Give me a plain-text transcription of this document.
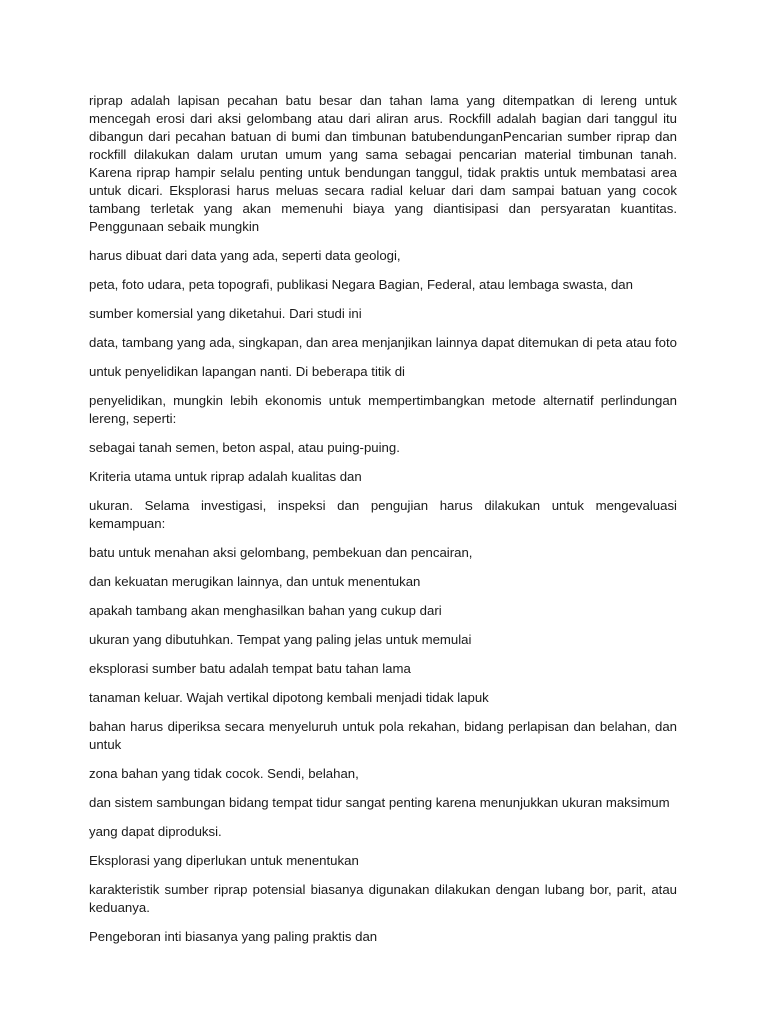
riprap adalah lapisan pecahan batu besar dan tahan lama yang ditempatkan di lereng untuk mencegah erosi dari aksi gelombang atau dari aliran arus. Rockfill adalah bagian dari tanggul itu dibangun dari pecahan batuan di bumi dan timbunan batubendunganPencarian sumber riprap dan rockfill dilakukan dalam urutan umum yang sama sebagai pencarian material timbunan tanah. Karena riprap hampir selalu penting untuk bendungan tanggul, tidak praktis untuk membatasi area untuk dicari. Eksplorasi harus meluas secara radial keluar dari dam sampai batuan yang cocok tambang terletak yang akan memenuhi biaya yang diantisipasi dan persyaratan kuantitas. Penggunaan sebaik mungkin

harus dibuat dari data yang ada, seperti data geologi,

peta, foto udara, peta topografi, publikasi Negara Bagian, Federal, atau lembaga swasta, dan

sumber komersial yang diketahui. Dari studi ini

data, tambang yang ada, singkapan, dan area menjanjikan lainnya dapat ditemukan di peta atau foto

untuk penyelidikan lapangan nanti. Di beberapa titik di

penyelidikan, mungkin lebih ekonomis untuk mempertimbangkan metode alternatif perlindungan lereng, seperti:

sebagai tanah semen, beton aspal, atau puing-puing.

Kriteria utama untuk riprap adalah kualitas dan

ukuran. Selama investigasi, inspeksi dan pengujian harus dilakukan untuk mengevaluasi kemampuan:

batu untuk menahan aksi gelombang, pembekuan dan pencairan,

dan kekuatan merugikan lainnya, dan untuk menentukan

apakah tambang akan menghasilkan bahan yang cukup dari

ukuran yang dibutuhkan. Tempat yang paling jelas untuk memulai

eksplorasi sumber batu adalah tempat batu tahan lama

tanaman keluar. Wajah vertikal dipotong kembali menjadi tidak lapuk

bahan harus diperiksa secara menyeluruh untuk pola rekahan, bidang perlapisan dan belahan, dan untuk

zona bahan yang tidak cocok. Sendi, belahan,

dan sistem sambungan bidang tempat tidur sangat penting karena menunjukkan ukuran maksimum

yang dapat diproduksi.

Eksplorasi yang diperlukan untuk menentukan

karakteristik sumber riprap potensial biasanya digunakan dilakukan dengan lubang bor, parit, atau keduanya.

Pengeboran inti biasanya yang paling praktis dan
